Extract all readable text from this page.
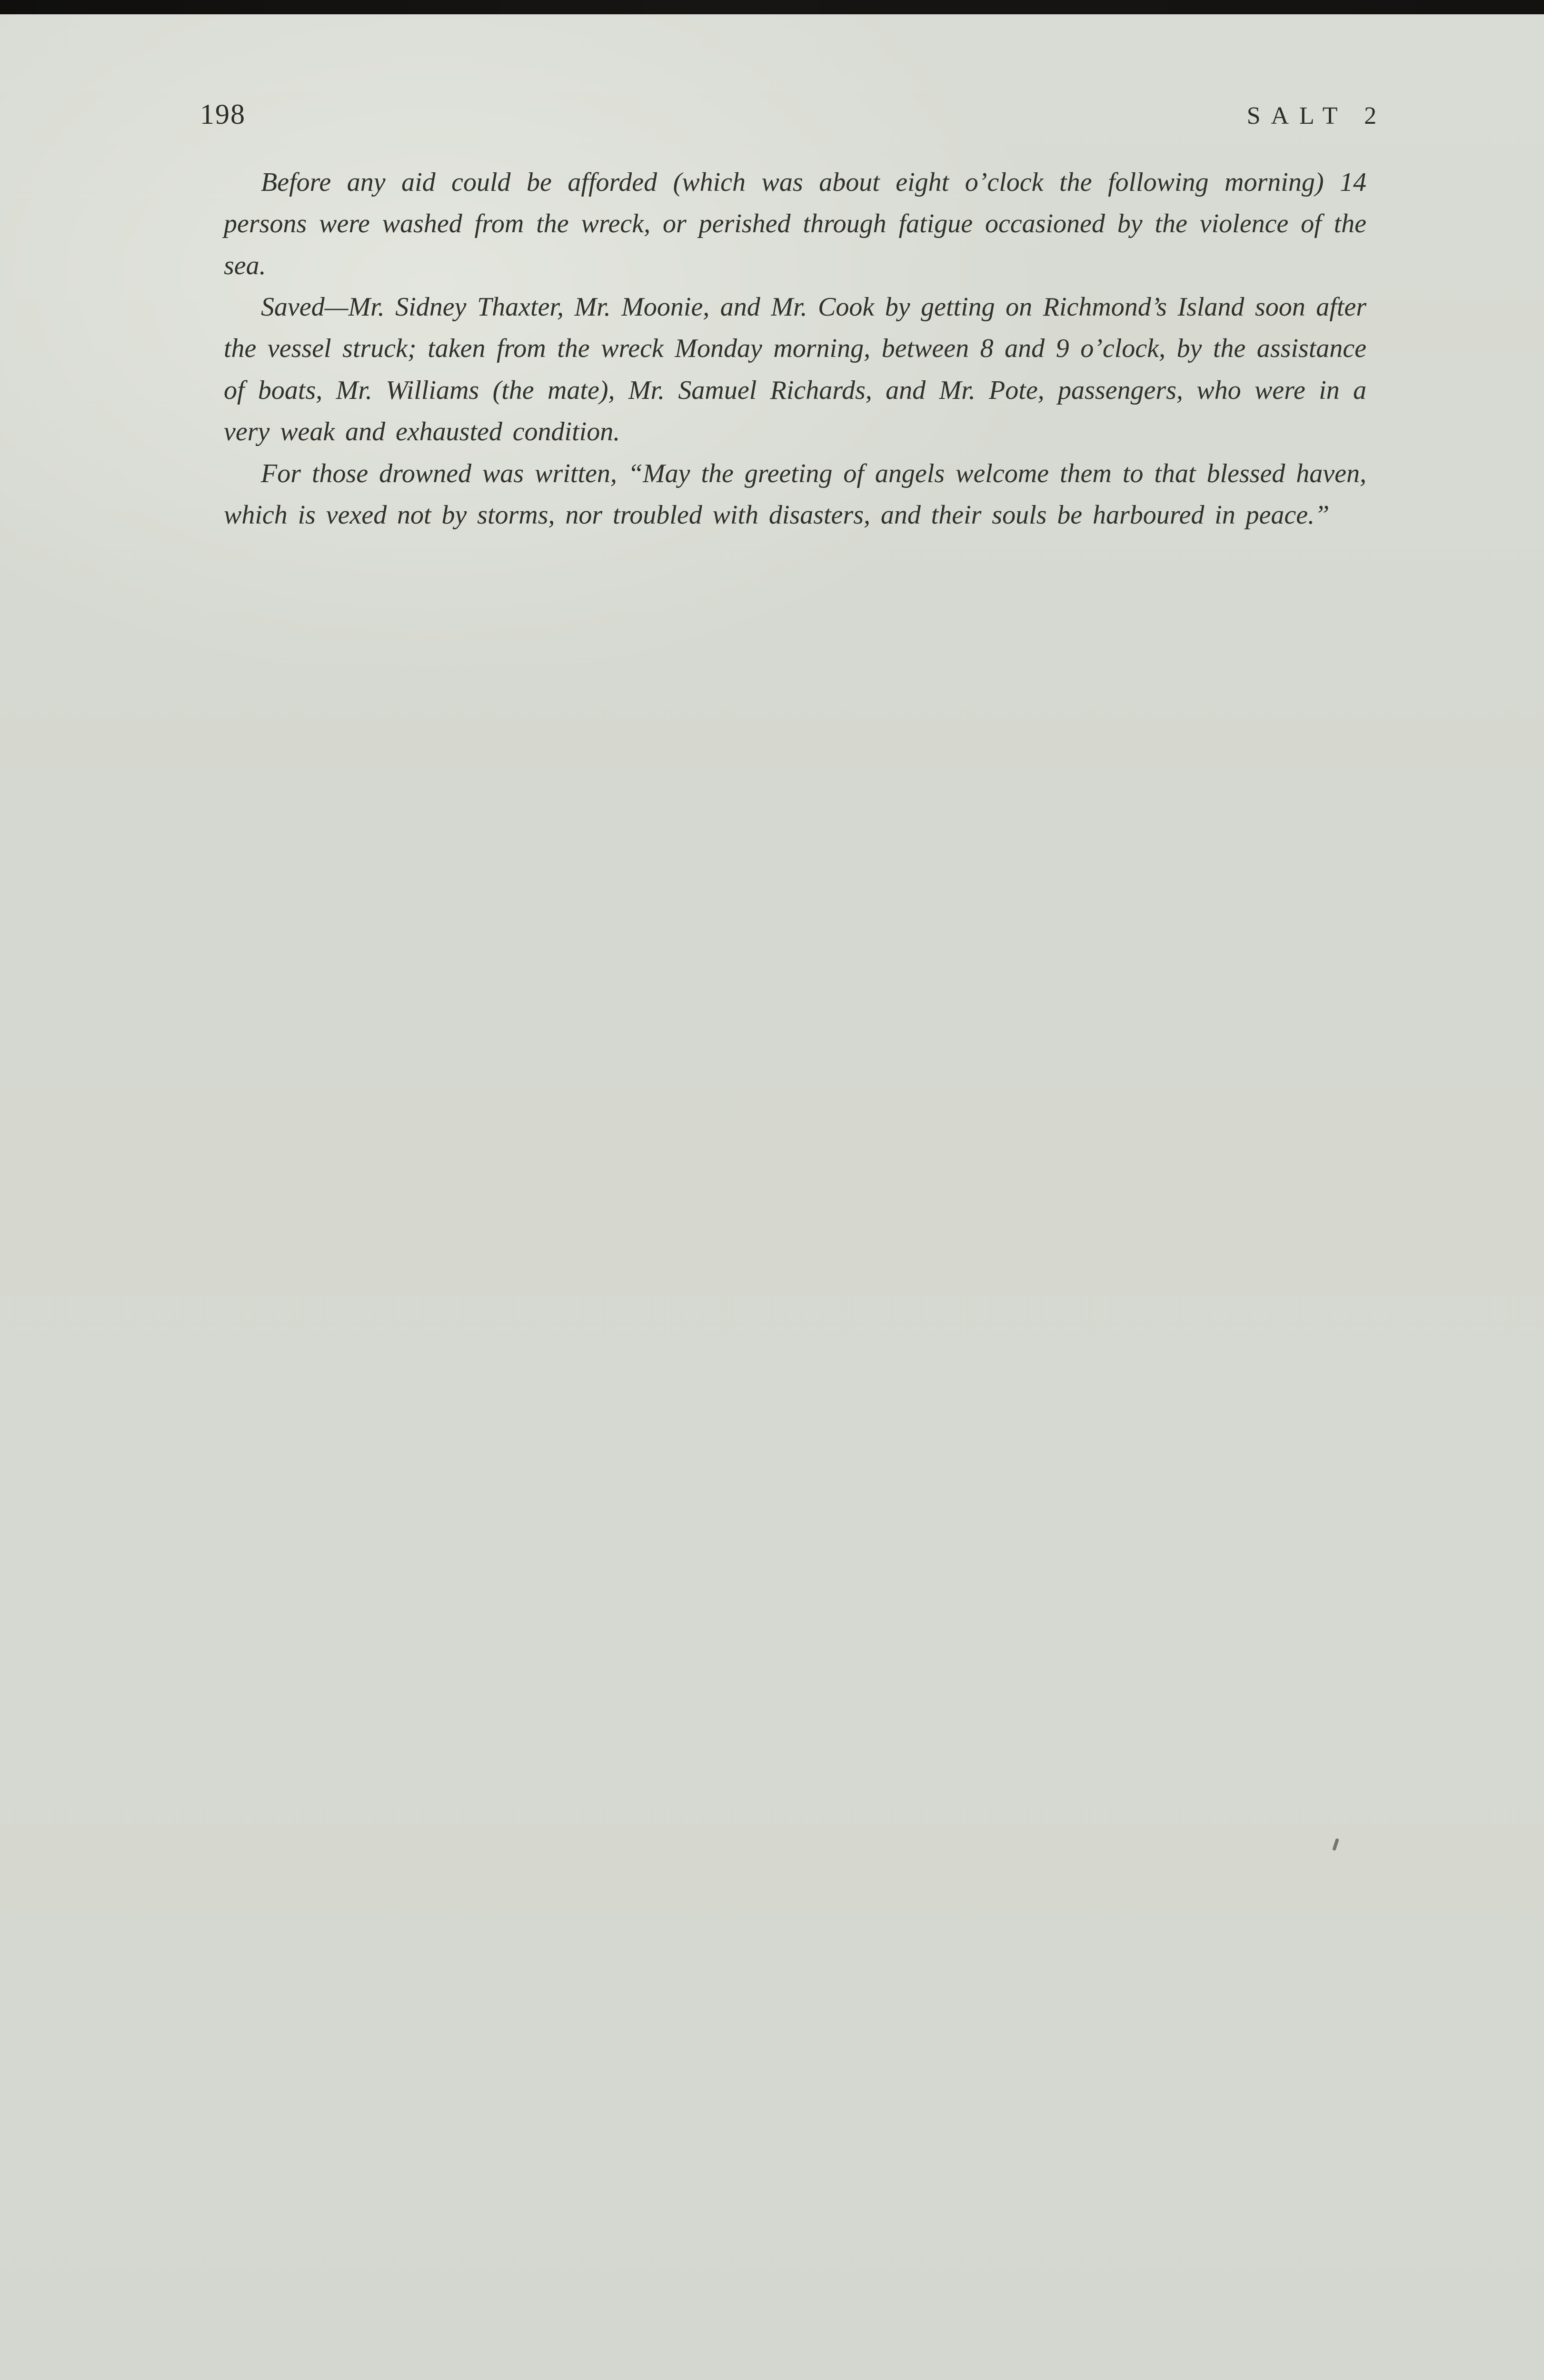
198	SALT 2

Before any aid could be afforded (which was about eight o’clock the following morning) 14 persons were washed from the wreck, or perished through fatigue occasioned by the violence of the sea.

Saved—Mr. Sidney Thaxter, Mr. Moonie, and Mr. Cook by getting on Richmond’s Island soon after the vessel struck; taken from the wreck Monday morning, between 8 and 9 o’clock, by the assistance of boats, Mr. Williams (the mate), Mr. Samuel Richards, and Mr. Pote, passengers, who were in a very weak and exhausted condition.

For those drowned was written, “May the greeting of angels welcome them to that blessed haven, which is vexed not by storms, nor troubled with disasters, and their souls be harboured in peace.”
